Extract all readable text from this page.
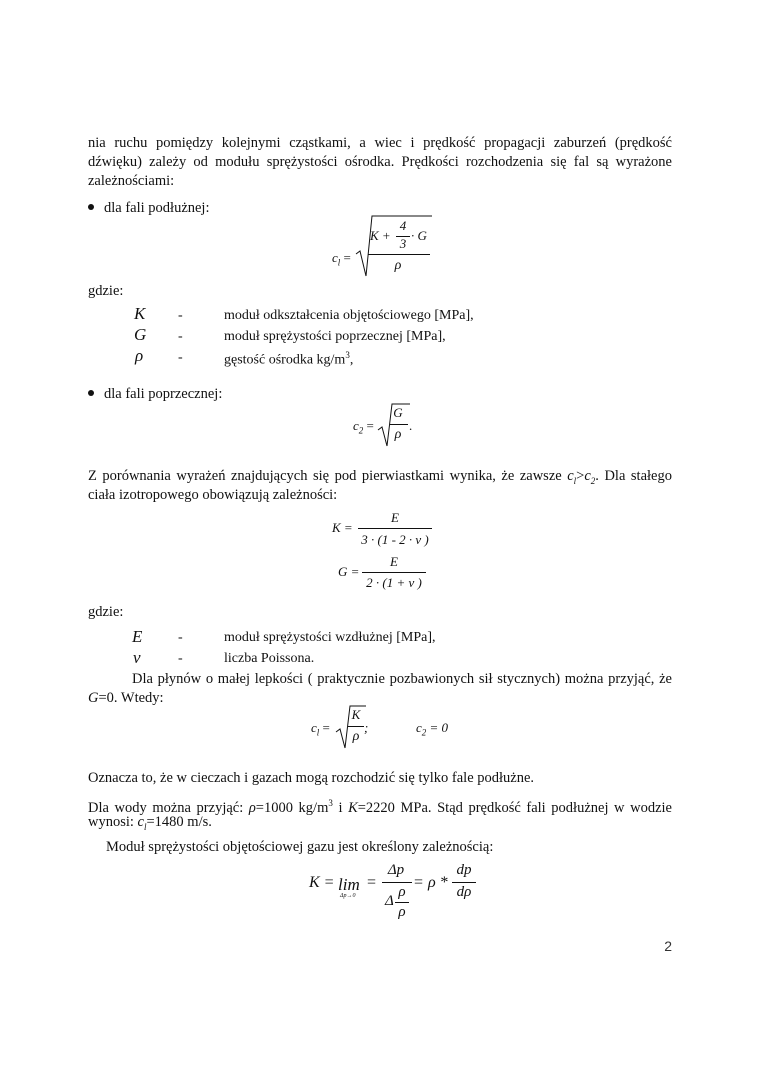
nia ruchu pomiędzy kolejnymi cząstkami, a wiec i prędkość propagacji zaburzeń (prędkość

dźwięku) zależy od modułu sprężystości ośrodka. Prędkości rozchodzenia się fal są wyrażone

zależnościami:

dla fali podłużnej:
$c_l$ =
K +
4
3
· G
ρ

gdzie:

K -	moduł odkształcenia objętościowego [MPa],
G -	moduł sprężystości poprzecznej [MPa],
ρ -	gęstość ośrodka $kg/m^3$,
dla fali poprzecznej:
$c_2$ =
G
ρ
.

Z porównania wyrażeń znajdujących się pod pierwiastkami wynika, że zawsze $c_l>c_2$. Dla stałego

ciała izotropowego obowiązują zależności:

K =
E
3 · (1 - 2 · ν )
G =
E
2 · (1 + ν )

gdzie:

E	-	moduł sprężystości wzdłużnej [MPa],
ν	-	liczba Poissona.

Dla płynów o małej lepkości ( praktycznie pozbawionych sił stycznych) można przyjąć, że

G=0. Wtedy:

$c_l$ =
K
ρ
;	$c_2 = 0$

Oznacza to, że w cieczach i gazach mogą rozchodzić się tylko fale podłużne.

Dla wody można przyjąć: ρ=1000 $kg/m^3$ i K=2220 MPa. Stąd prędkość fali podłużnej w wodzie

wynosi: $c_l=1480$ m/s.

Moduł sprężystości objętościowej gazu jest określony zależnością:

K = lim
Δp→0
=
Δp
Δ
ρ
ρ
= ρ *
dp
dρ
2
